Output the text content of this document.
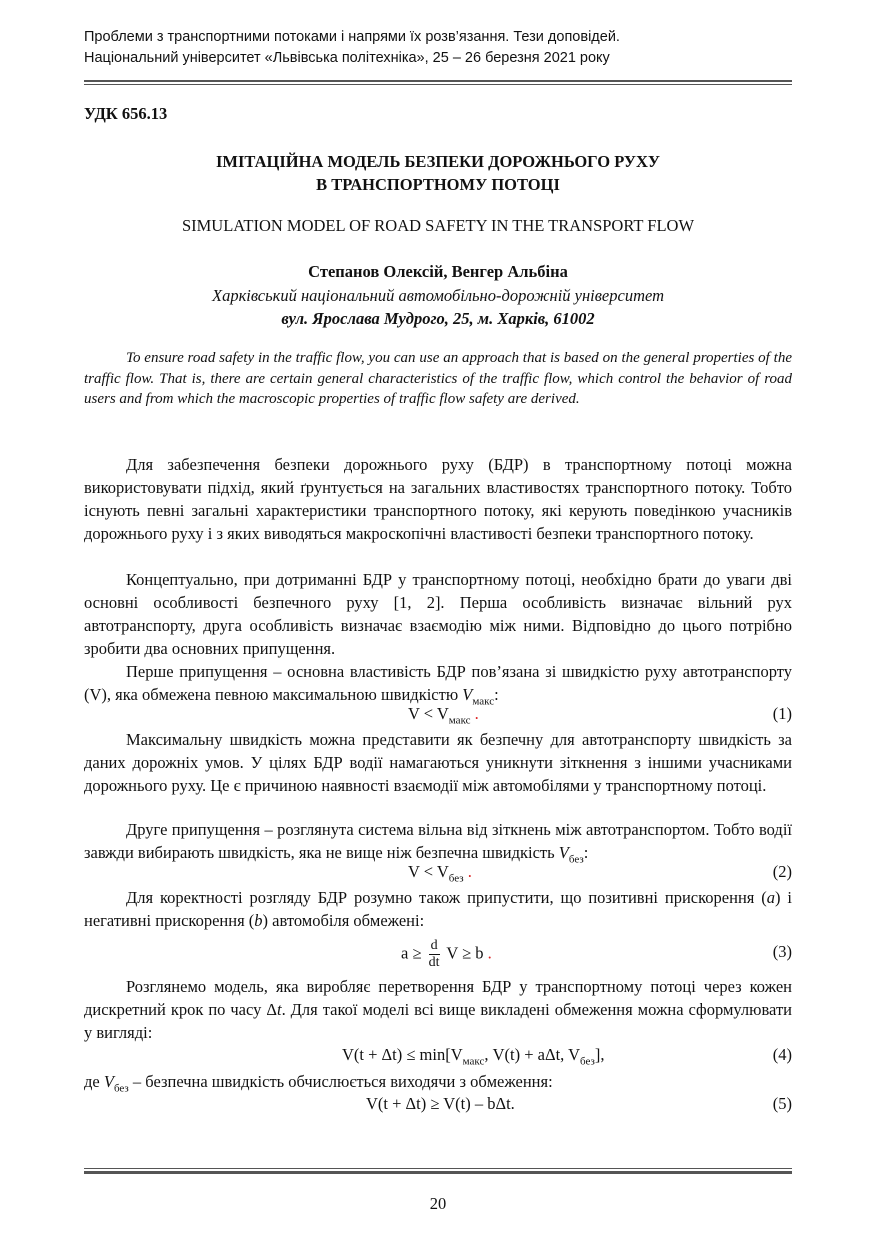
Проблеми з транспортними потоками і напрями їх розв’язання. Тези доповідей.
Національний університет «Львівська політехніка», 25 – 26 березня 2021 року
УДК 656.13
ІМІТАЦІЙНА МОДЕЛЬ БЕЗПЕКИ ДОРОЖНЬОГО РУХУ
В ТРАНСПОРТНОМУ ПОТОЦІ
SIMULATION MODEL OF ROAD SAFETY IN THE TRANSPORT FLOW
Степанов Олексій, Венгер Альбіна
Харківський національний автомобільно-дорожній університет
вул. Ярослава Мудрого, 25, м. Харків, 61002

To ensure road safety in the traffic flow, you can use an approach that is based on the general properties of the traffic flow. That is, there are certain general characteristics of the traffic flow, which control the behavior of road users and from which the macroscopic properties of traffic flow safety are derived.

Для забезпечення безпеки дорожнього руху (БДР) в транспортному потоці можна використовувати підхід, який ґрунтується на загальних властивостях транспортного потоку. Тобто існують певні загальні характеристики транспортного потоку, які керують поведінкою учасників дорожнього руху і з яких виводяться макроскопічні властивості безпеки транспортного потоку.

Концептуально, при дотриманні БДР у транспортному потоці, необхідно брати до уваги дві основні особливості безпечного руху [1, 2]. Перша особливість визначає вільний рух автотранспорту, друга особливість визначає взаємодію між ними. Відповідно до цього потрібно зробити два основних припущення.

Перше припущення – основна властивість БДР пов’язана зі швидкістю руху автотранспорту (V), яка обмежена певною максимальною швидкістю $V_{макс}$:

$V < V_{макс}$ .	(1)

Максимальну швидкість можна представити як безпечну для автотранспорту швидкість за даних дорожніх умов. У цілях БДР водії намагаються уникнути зіткнення з іншими учасниками дорожнього руху. Це є причиною наявності взаємодії між автомобілями у транспортному потоці.

Друге припущення – розглянута система вільна від зіткнень між автотранспортом. Тобто водії завжди вибирають швидкість, яка не вище ніж безпечна швидкість $V_{без}$:

$V < V_{без}$ .	(2)

Для коректності розгляду БДР розумно також припустити, що позитивні прискорення (a) і негативні прискорення (b) автомобіля обмежені:

$a \ge \frac{d}{dt}$ V ≥ b .	(3)

Розглянемо модель, яка виробляє перетворення БДР у транспортному потоці через кожен дискретний крок по часу Δt. Для такої моделі всі вище викладені обмеження можна сформулювати у вигляді:

$V(t + \Delta t) \le \min[V_{макс}$, V(t) + aΔt, $V_{без}$],	(4)

де $V_{без}$ – безпечна швидкість обчислюється виходячи з обмеження:

V(t + Δt) ≥ V(t) – bΔt.	(5)
20
